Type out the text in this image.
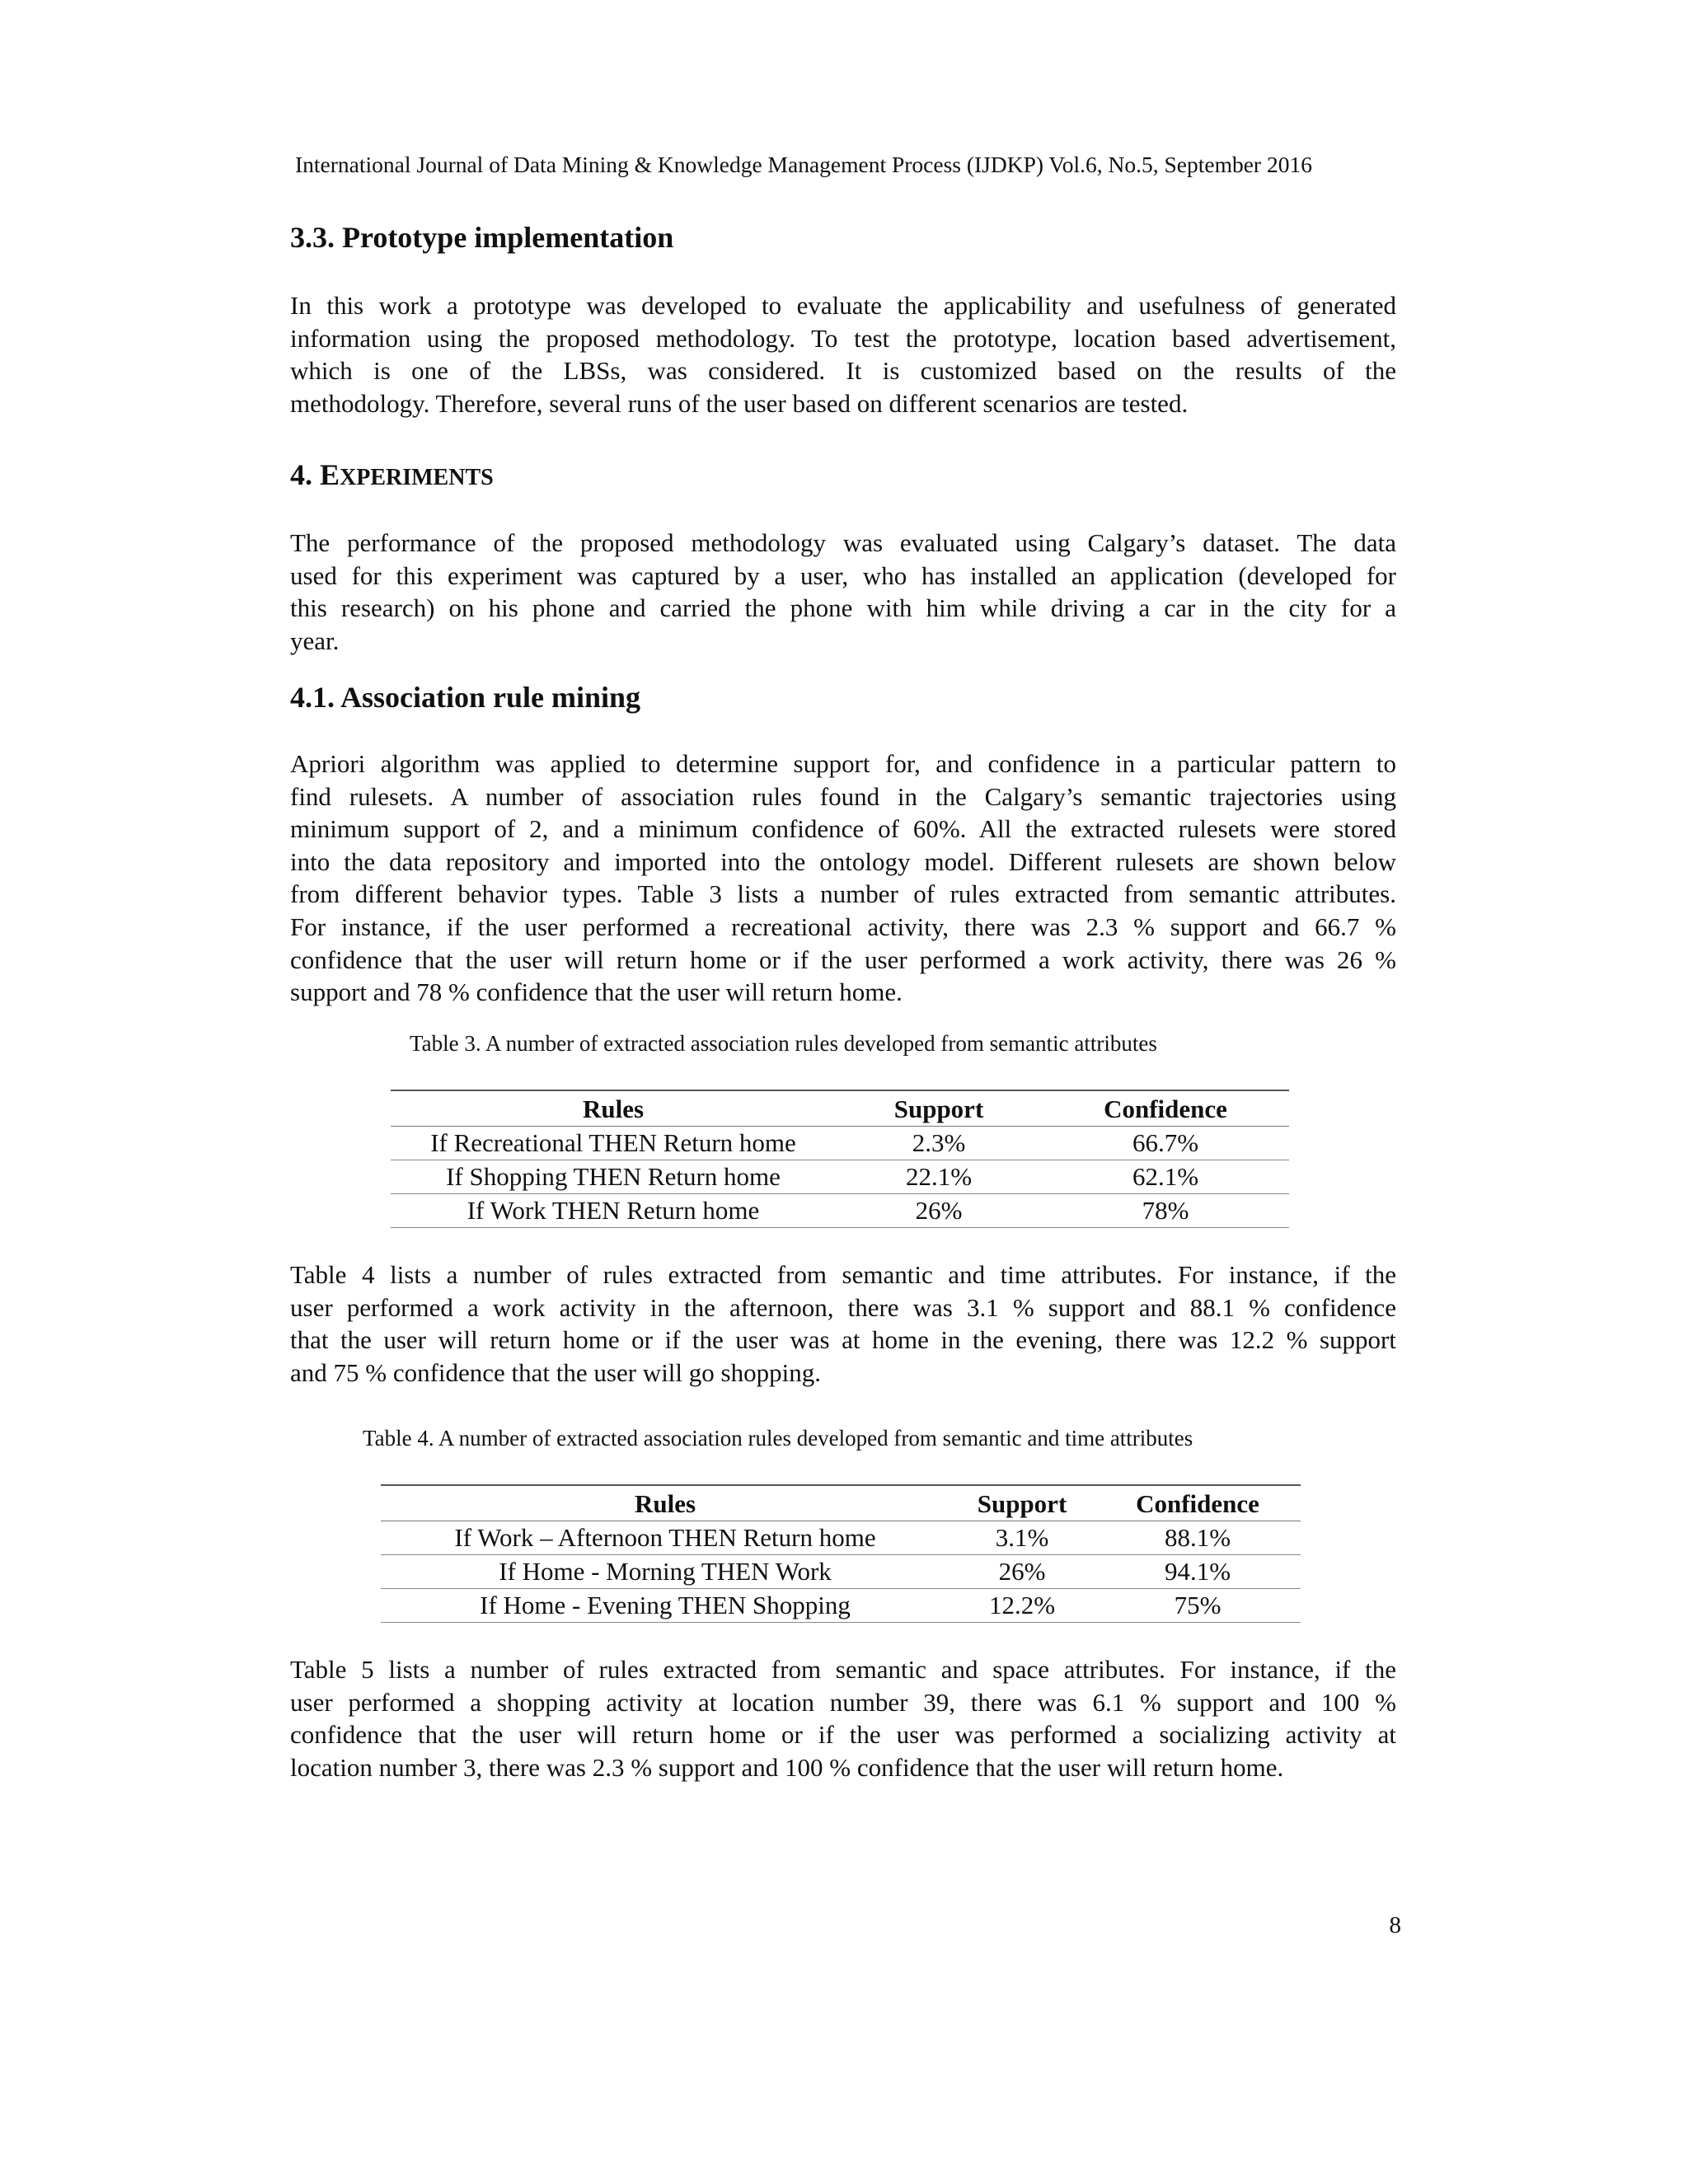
International Journal of Data Mining & Knowledge Management Process (IJDKP) Vol.6, No.5, September 2016
3.3. Prototype implementation

In this work a prototype was developed to evaluate the applicability and usefulness of generated
information using the proposed methodology. To test the prototype, location based advertisement,
which is one of the LBSs, was considered. It is customized based on the results of the
methodology. Therefore, several runs of the user based on different scenarios are tested.

4. EXPERIMENTS

The performance of the proposed methodology was evaluated using Calgary’s dataset. The data
used for this experiment was captured by a user, who has installed an application (developed for
this research) on his phone and carried the phone with him while driving a car in the city for a
year.

4.1. Association rule mining

Apriori algorithm was applied to determine support for, and confidence in a particular pattern to
find rulesets. A number of association rules found in the Calgary’s semantic trajectories using
minimum support of 2, and a minimum confidence of 60%. All the extracted rulesets were stored
into the data repository and imported into the ontology model. Different rulesets are shown below
from different behavior types. Table 3 lists a number of rules extracted from semantic attributes.
For instance, if the user performed a recreational activity, there was 2.3 % support and 66.7 %
confidence that the user will return home or if the user performed a work activity, there was 26 %
support and 78 % confidence that the user will return home.

Table 3. A number of extracted association rules developed from semantic attributes
Rules	Support	Confidence
If Recreational THEN Return home	2.3%	66.7%
If Shopping THEN Return home	22.1%	62.1%
If Work THEN Return home	26%	78%

Table 4 lists a number of rules extracted from semantic and time attributes. For instance, if the
user performed a work activity in the afternoon, there was 3.1 % support and 88.1 % confidence
that the user will return home or if the user was at home in the evening, there was 12.2 % support
and 75 % confidence that the user will go shopping.

Table 4. A number of extracted association rules developed from semantic and time attributes
Rules	Support	Confidence
If Work – Afternoon THEN Return home	3.1%	88.1%
If Home - Morning THEN Work	26%	94.1%
If Home - Evening THEN Shopping	12.2%	75%

Table 5 lists a number of rules extracted from semantic and space attributes. For instance, if the
user performed a shopping activity at location number 39, there was 6.1 % support and 100 %
confidence that the user will return home or if the user was performed a socializing activity at
location number 3, there was 2.3 % support and 100 % confidence that the user will return home.

8
